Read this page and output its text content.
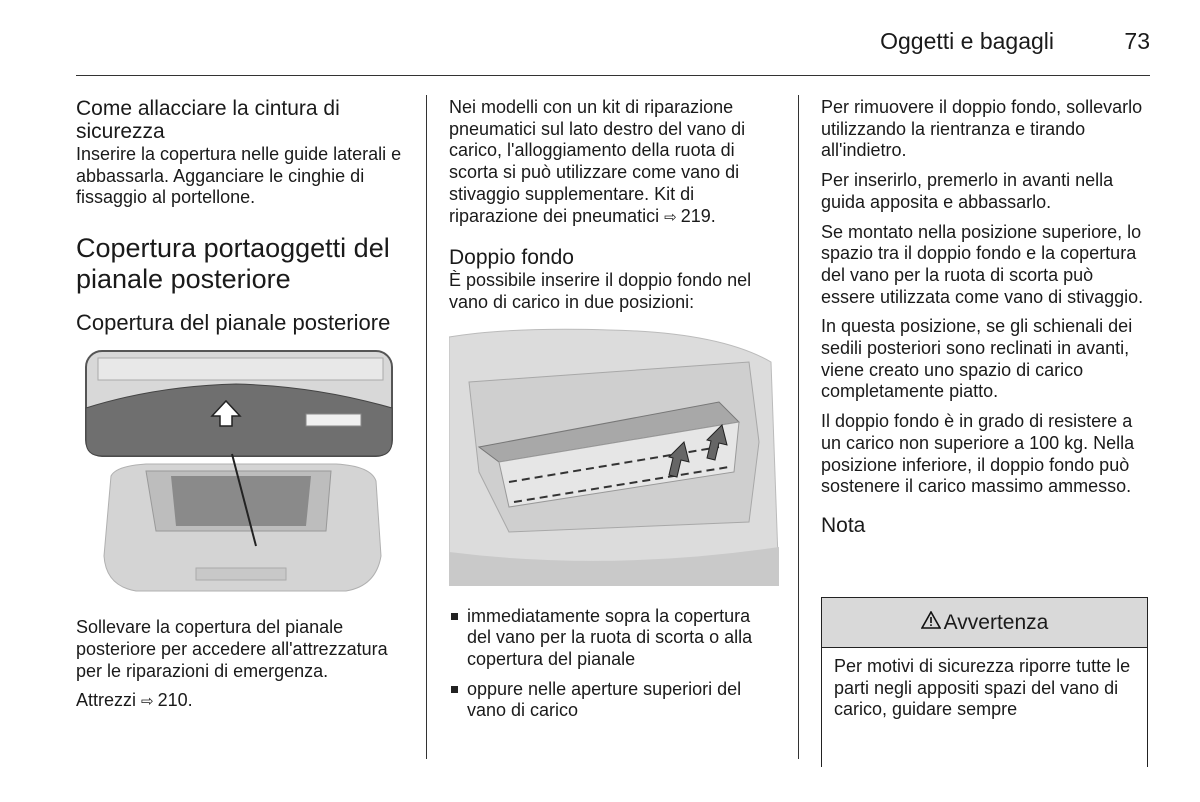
Oggetti e bagagli	73
Come allacciare la cintura di sicurezza

Inserire la copertura nelle guide laterali e abbassarla. Agganciare le cinghie di fissaggio al portellone.

Copertura portaoggetti del pianale posteriore
Copertura del pianale posteriore

Sollevare la copertura del pianale posteriore per accedere all'attrezzatura per le riparazioni di emergenza.

Attrezzi ⇨ 210.

Nei modelli con un kit di riparazione pneumatici sul lato destro del vano di carico, l'alloggiamento della ruota di scorta si può utilizzare come vano di stivaggio supplementare. Kit di riparazione dei pneumatici ⇨ 219.

Doppio fondo

È possibile inserire il doppio fondo nel vano di carico in due posizioni:

immediatamente sopra la copertura del vano per la ruota di scorta o alla copertura del pianale
oppure nelle aperture superiori del vano di carico

Per rimuovere il doppio fondo, sollevarlo utilizzando la rientranza e tirando all'indietro.

Per inserirlo, premerlo in avanti nella guida apposita e abbassarlo.

Se montato nella posizione superiore, lo spazio tra il doppio fondo e la copertura del vano per la ruota di scorta può essere utilizzata come vano di stivaggio.

In questa posizione, se gli schienali dei sedili posteriori sono reclinati in avanti, viene creato uno spazio di carico completamente piatto.

Il doppio fondo è in grado di resistere a un carico non superiore a 100 kg. Nella posizione inferiore, il doppio fondo può sostenere il carico massimo ammesso.

Nota
Avvertenza
Per motivi di sicurezza riporre tutte le parti negli appositi spazi del vano di carico, guidare sempre
